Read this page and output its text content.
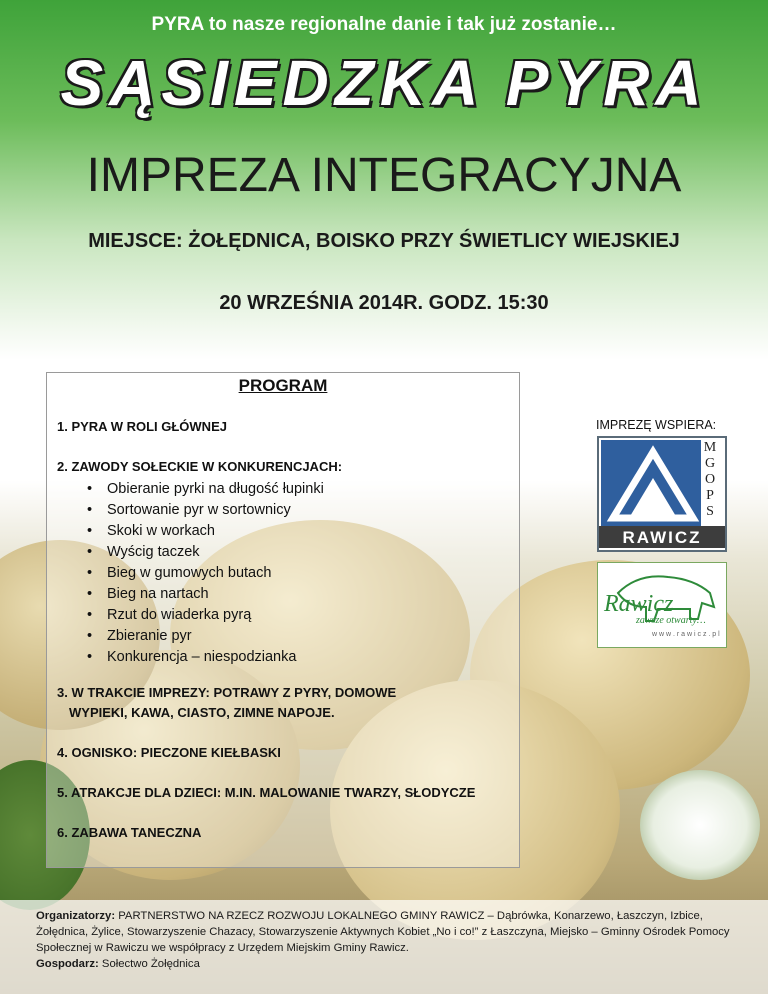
PYRA to nasze regionalne danie i tak już zostanie…
SĄSIEDZKA PYRA
IMPREZA INTEGRACYJNA
MIEJSCE: ŻOŁĘDNICA, BOISKO PRZY ŚWIETLICY WIEJSKIEJ
20 WRZEŚNIA 2014R. GODZ. 15:30
PROGRAM
1. PYRA W ROLI GŁÓWNEJ
2. ZAWODY SOŁECKIE W KONKURENCJACH:
• Obieranie pyrki na długość łupinki
• Sortowanie pyr w sortownicy
• Skoki w workach
• Wyścig taczek
• Bieg w gumowych butach
• Bieg na nartach
• Rzut do wiaderka pyrą
• Zbieranie pyr
• Konkurencja – niespodzianka
3. W TRAKCIE IMPREZY: POTRAWY Z PYRY, DOMOWE
WYPIEKI, KAWA, CIASTO, ZIMNE NAPOJE.
4. OGNISKO: PIECZONE KIEŁBASKI
5. ATRAKCJE DLA DZIECI: M.IN. MALOWANIE TWARZY, SŁODYCZE
6. ZABAWA TANECZNA
IMPREZĘ WSPIERA:
M
G
O
P
S
RAWICZ
Rawicz
zawsze otwarty…
w w w . r a w i c z . p l
Organizatorzy: PARTNERSTWO NA RZECZ ROZWOJU LOKALNEGO GMINY RAWICZ – Dąbrówka, Konarzewo, Łaszczyn, Izbice, Żołędnica, Żylice, Stowarzyszenie Chazacy, Stowarzyszenie Aktywnych Kobiet „No i co!” z Łaszczyna, Miejsko – Gminny Ośrodek Pomocy Społecznej w Rawiczu we współpracy z Urzędem Miejskim Gminy Rawicz.
Gospodarz: Sołectwo Żołędnica
